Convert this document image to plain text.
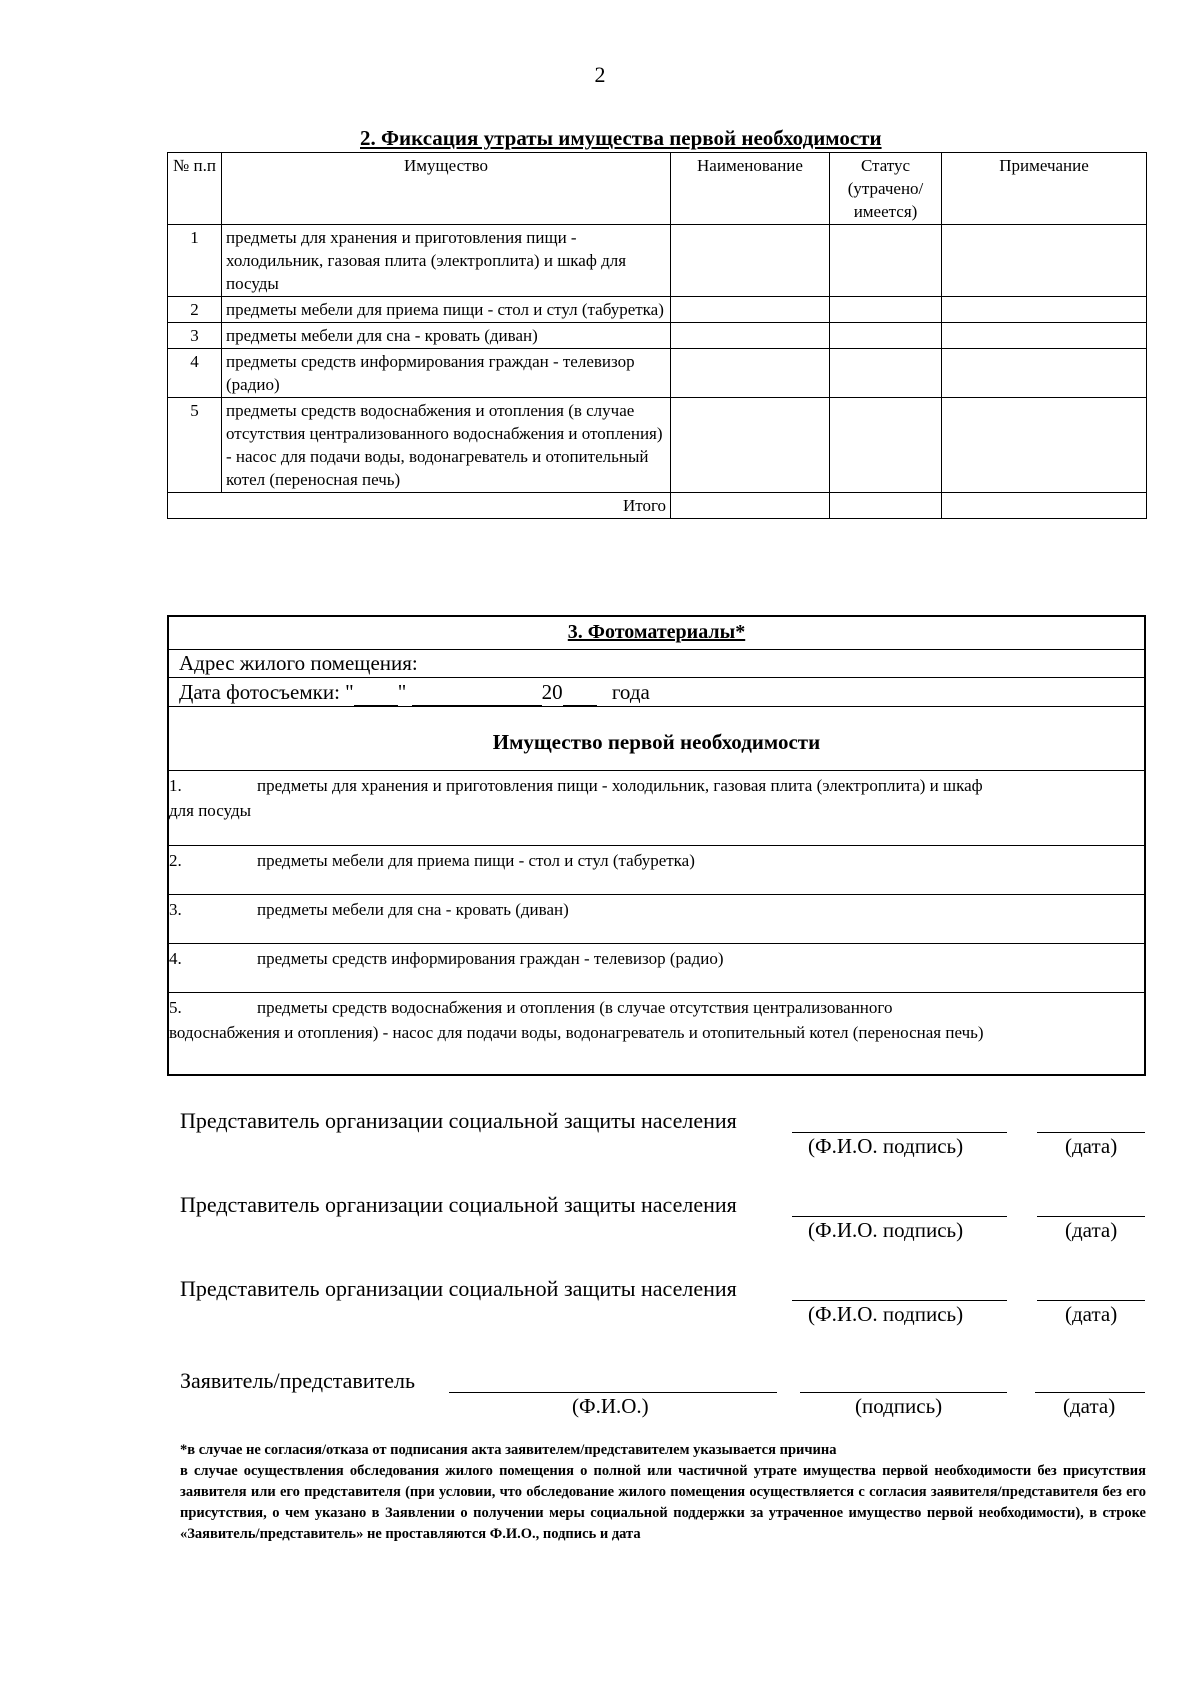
2
2. Фиксация утраты имущества первой необходимости
№ п.п	Имущество	Наименование	Статус (утрачено/ имеется)	Примечание
1	предметы для хранения и приготовления пищи - холодильник, газовая плита (электроплита) и шкаф для посуды			
2	предметы мебели для приема пищи - стол и стул (табуретка)			
3	предметы мебели для сна - кровать (диван)			
4	предметы средств информирования граждан - телевизор (радио)			
5	предметы средств водоснабжения и отопления (в случае отсутствия централизованного водоснабжения и отопления) - насос для подачи воды, водонагреватель и отопительный котел (переносная печь)			
Итого				
3. Фотоматериалы*
Адрес жилого помещения:
Дата фотосъемки: " "	20 года
Имущество первой необходимости
1.	предметы для хранения и приготовления пищи - холодильник, газовая плита (электроплита) и шкаф
для посуды
2.	предметы мебели для приема пищи - стол и стул (табуретка)
3.	предметы мебели для сна - кровать (диван)
4.	предметы средств информирования граждан - телевизор (радио)
5.	предметы средств водоснабжения и отопления (в случае отсутствия централизованного
водоснабжения и отопления) - насос для подачи воды, водонагреватель и отопительный котел (переносная печь)
Представитель организации социальной защиты населения
(Ф.И.О. подпись)	(дата)
Представитель организации социальной защиты населения
(Ф.И.О. подпись)	(дата)
Представитель организации социальной защиты населения
(Ф.И.О. подпись)	(дата)
Заявитель/представитель
(Ф.И.О.)	(подпись)	(дата)

*в случае не согласия/отказа от подписания акта заявителем/представителем указывается причина

в случае осуществления обследования жилого помещения о полной или частичной утрате имущества первой необходимости без присутствия заявителя или его представителя (при условии, что обследование жилого помещения осуществляется с согласия заявителя/представителя без его присутствия, о чем указано в Заявлении о получении меры социальной поддержки за утраченное имущество первой необходимости), в строке «Заявитель/представитель» не проставляются Ф.И.О., подпись и дата
